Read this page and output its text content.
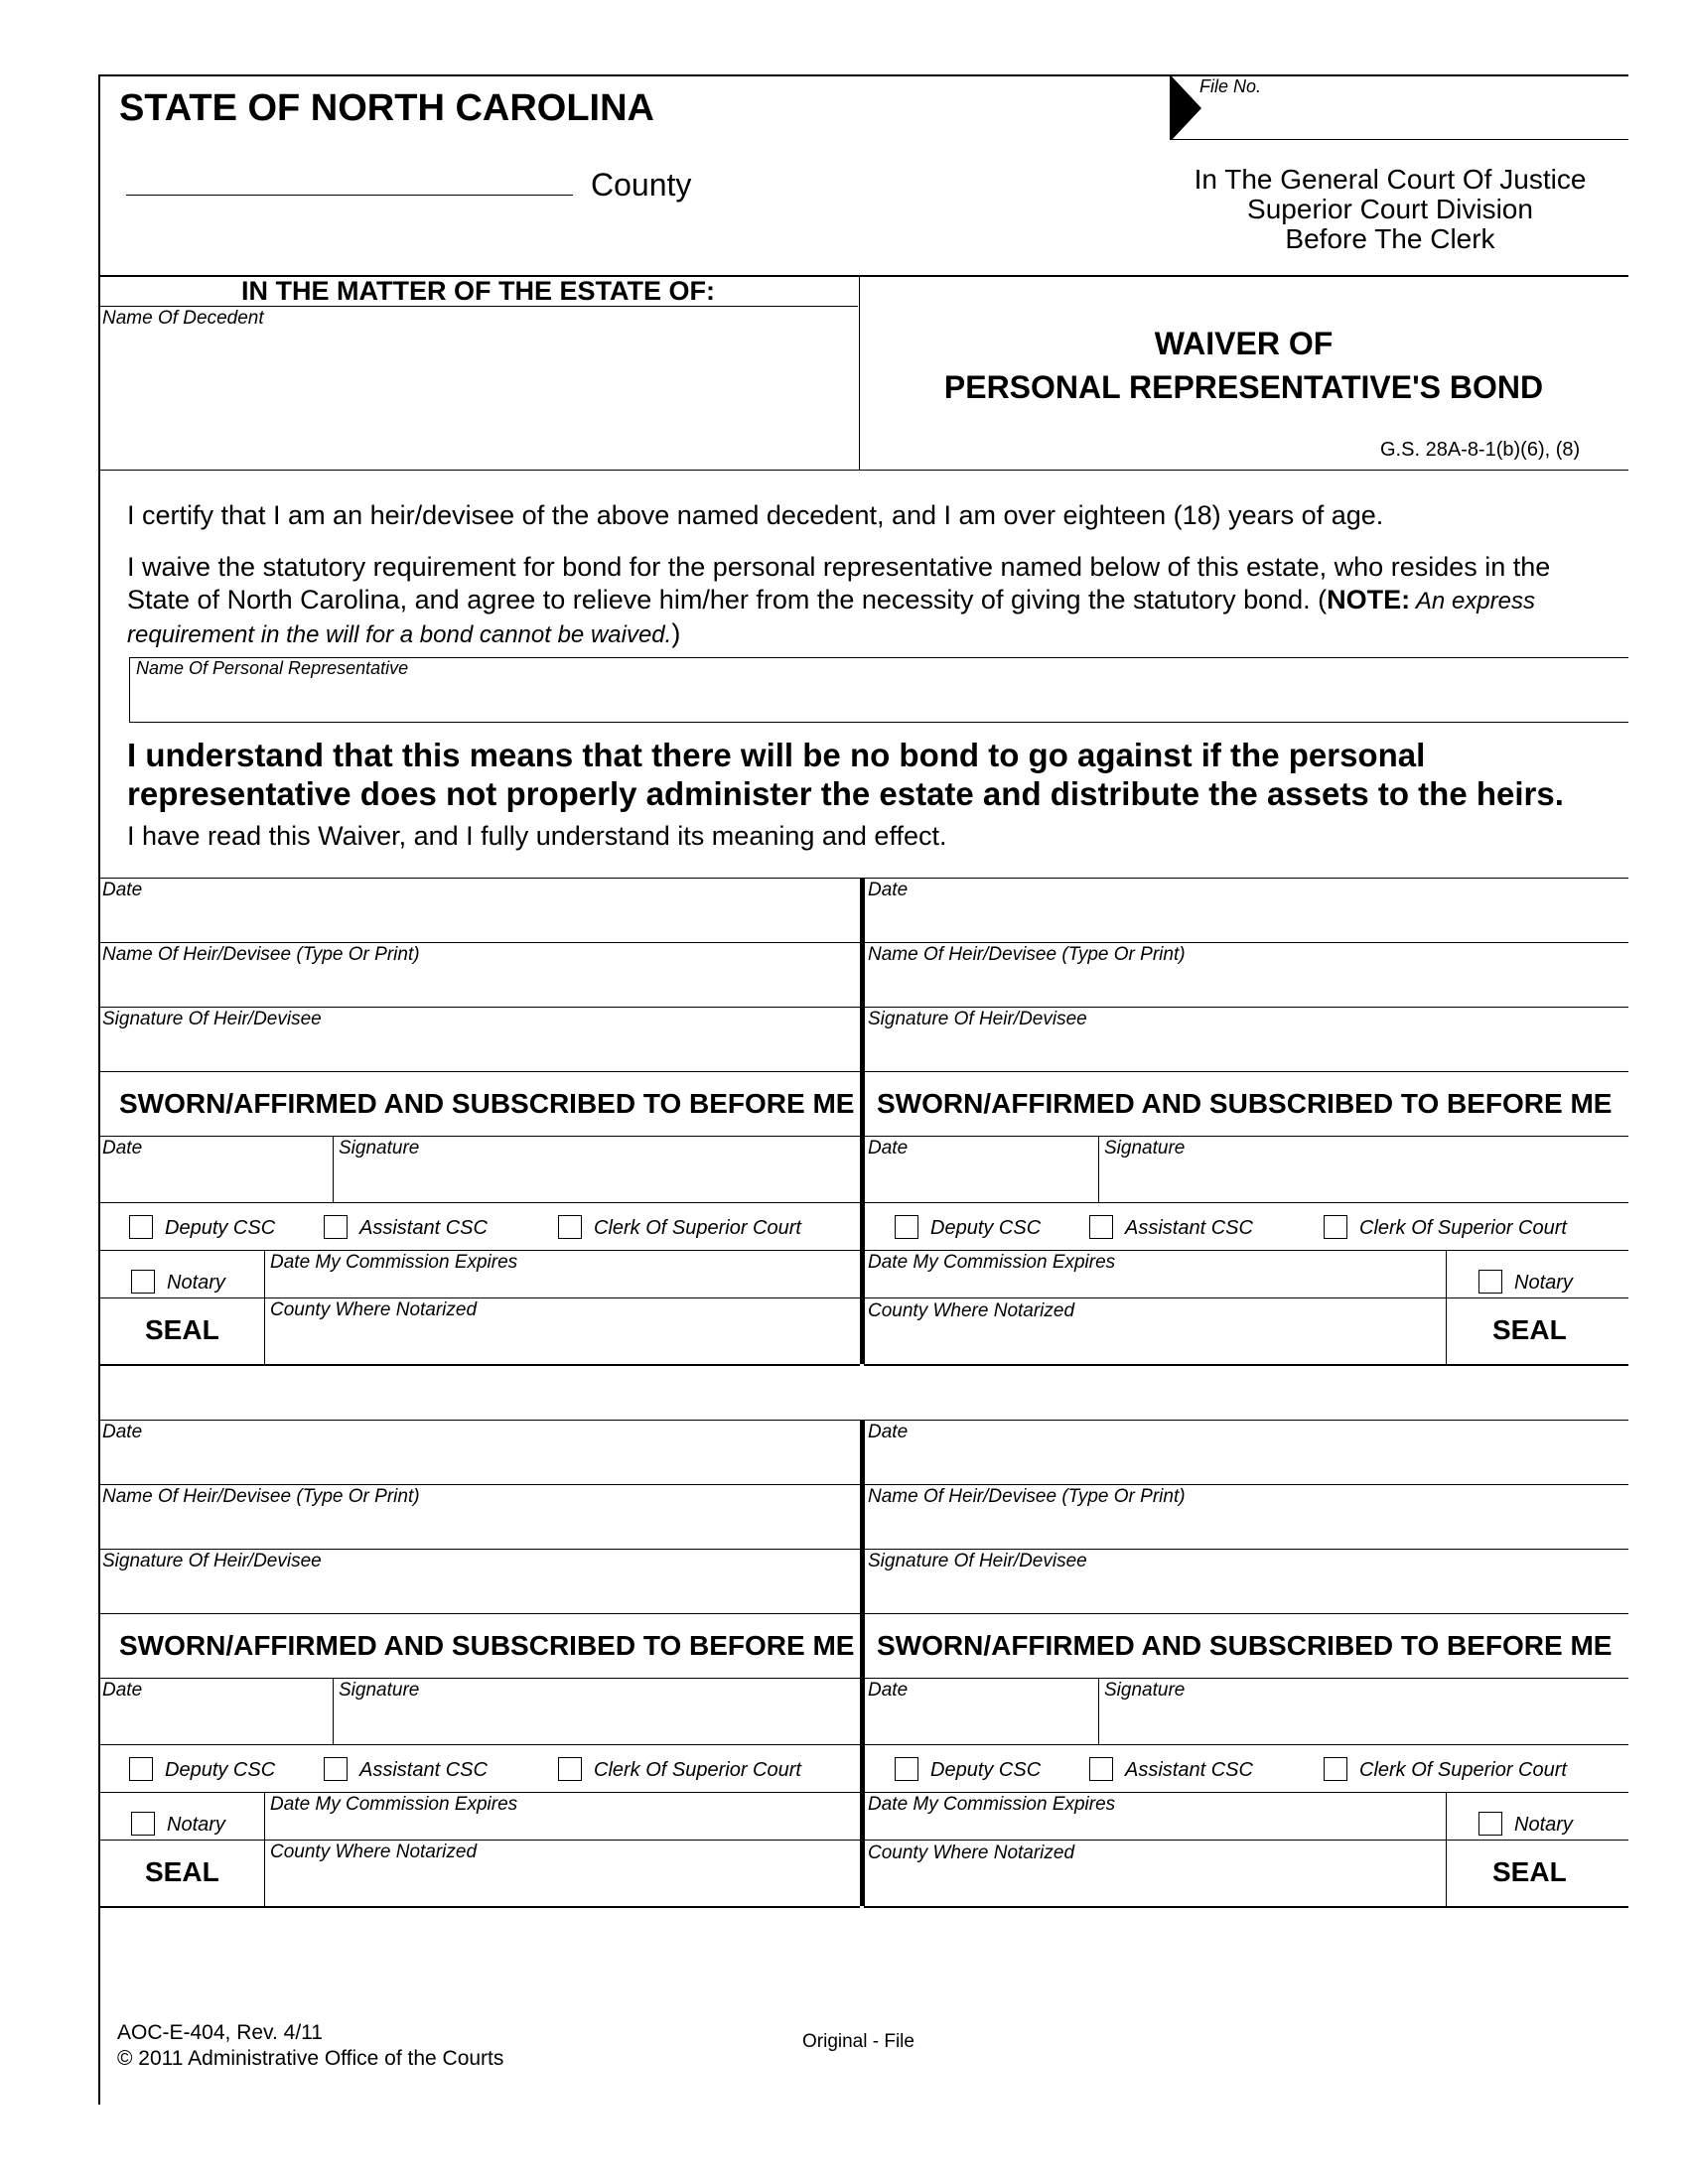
STATE OF NORTH CAROLINA
County
File No.
In The General Court Of Justice
Superior Court Division
Before The Clerk
IN THE MATTER OF THE ESTATE OF:
Name Of Decedent
WAIVER OF
PERSONAL REPRESENTATIVE'S BOND
G.S. 28A-8-1(b)(6), (8)
I certify that I am an heir/devisee of the above named decedent, and I am over eighteen (18) years of age.
I waive the statutory requirement for bond for the personal representative named below of this estate, who resides in the State of North Carolina, and agree to relieve him/her from the necessity of giving the statutory bond. (NOTE: An express requirement in the will for a bond cannot be waived.)
Name Of Personal Representative
I understand that this means that there will be no bond to go against if the personal representative does not properly administer the estate and distribute the assets to the heirs.
I have read this Waiver, and I fully understand its meaning and effect.
Date
Name Of Heir/Devisee (Type Or Print)
Signature Of Heir/Devisee
SWORN/AFFIRMED AND SUBSCRIBED TO BEFORE ME
Date	Signature
Deputy CSC	Assistant CSC	Clerk Of Superior Court
Notary
SEAL
Date My Commission Expires
County Where Notarized
Date
Name Of Heir/Devisee (Type Or Print)
Signature Of Heir/Devisee
SWORN/AFFIRMED AND SUBSCRIBED TO BEFORE ME
Date	Signature
Deputy CSC	Assistant CSC	Clerk Of Superior Court
Notary
SEAL
Date My Commission Expires
County Where Notarized
Date
Name Of Heir/Devisee (Type Or Print)
Signature Of Heir/Devisee
SWORN/AFFIRMED AND SUBSCRIBED TO BEFORE ME
Date	Signature
Deputy CSC	Assistant CSC	Clerk Of Superior Court
Notary
SEAL
Date My Commission Expires
County Where Notarized
Date
Name Of Heir/Devisee (Type Or Print)
Signature Of Heir/Devisee
SWORN/AFFIRMED AND SUBSCRIBED TO BEFORE ME
Date	Signature
Deputy CSC	Assistant CSC	Clerk Of Superior Court
Notary
SEAL
Date My Commission Expires
County Where Notarized
AOC-E-404, Rev. 4/11
© 2011 Administrative Office of the Courts
Original - File
